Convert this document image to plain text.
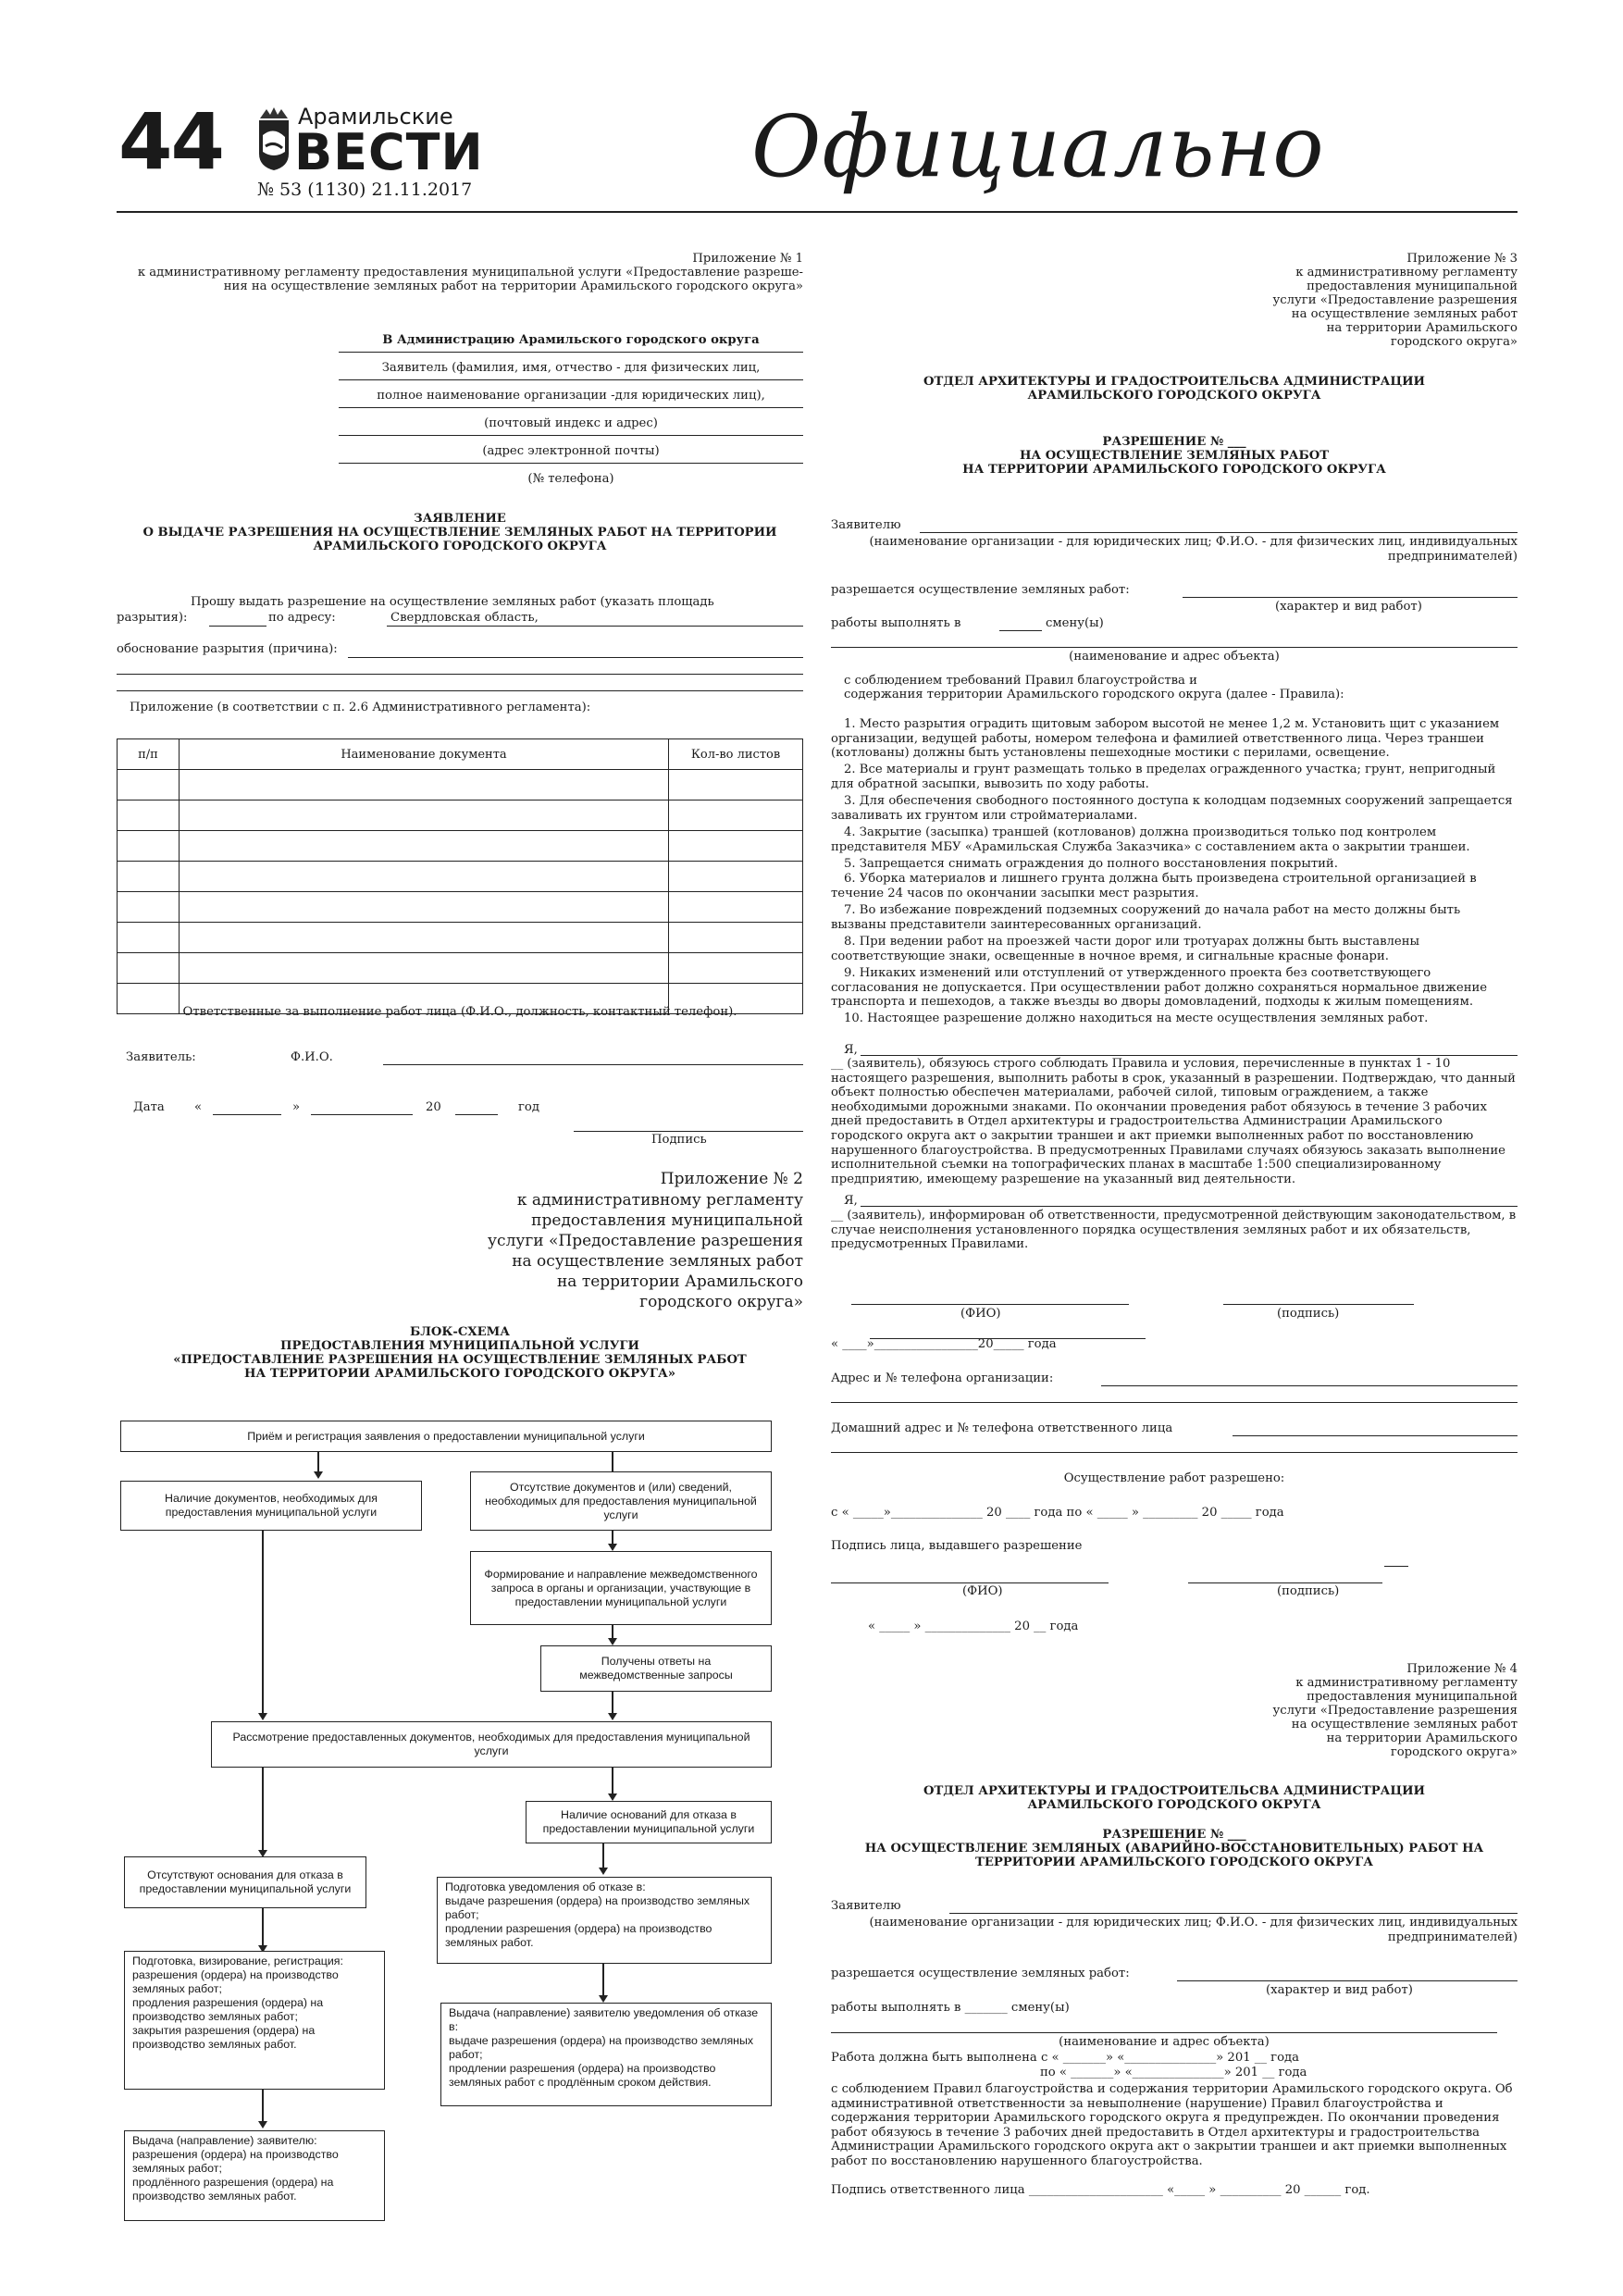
44	Арамильские
ВЕСТИ
№ 53 (1130) 21.11.2017	Официально
Приложение № 1
к административному регламенту предоставления муниципальной услуги «Предоставление разреше-
ния на осуществление земляных работ на территории Арамильского городского округа»
В Администрацию Арамильского городского округа
Заявитель (фамилия, имя, отчество - для физических лиц,
полное наименование организации -для юридических лиц),
(почтовый индекс и адрес)
(адрес электронной почты)
(№ телефона)
ЗАЯВЛЕНИЕ
О ВЫДАЧЕ РАЗРЕШЕНИЯ НА ОСУЩЕСТВЛЕНИЕ ЗЕМЛЯНЫХ РАБОТ НА ТЕРРИТОРИИ
АРАМИЛЬСКОГО ГОРОДСКОГО ОКРУГА
Прошу выдать разрешение на осуществление земляных работ (указать площадь
разрытия):	по адресу:	Свердловская область,
обоснование разрытия (причина):
Приложение (в соответствии с п. 2.6 Административного регламента):
п/п	Наименование документа	Кол-во листов

Ответственные за выполнение работ лица (Ф.И.О., должность, контактный телефон).
Заявитель:	Ф.И.О.
Дата «	»	20	год
Подпись
Приложение № 2
к административному регламенту
предоставления муниципальной
услуги «Предоставление разрешения
на осуществление земляных работ
на территории Арамильского
городского округа»
БЛОК-СХЕМА
ПРЕДОСТАВЛЕНИЯ МУНИЦИПАЛЬНОЙ УСЛУГИ
«ПРЕДОСТАВЛЕНИЕ РАЗРЕШЕНИЯ НА ОСУЩЕСТВЛЕНИЕ ЗЕМЛЯНЫХ РАБОТ
НА ТЕРРИТОРИИ АРАМИЛЬСКОГО ГОРОДСКОГО ОКРУГА»
Приём и регистрация заявления о предоставлении муниципальной услуги
Наличие документов, необходимых для предоставления муниципальной услуги
Отсутствие документов и (или) сведений, необходимых для предоставления муниципальной услуги
Формирование и направление межведомственного запроса в органы и организации, участвующие в предоставлении муниципальной услуги
Получены ответы на межведомственные запросы
Рассмотрение предоставленных документов, необходимых для предоставления муниципальной услуги
Наличие оснований для отказа в предоставлении муниципальной услуги
Отсутствуют основания для отказа в предоставлении муниципальной услуги	Подготовка уведомления об отказе в:
выдаче разрешения (ордера) на производство земляных работ;
продлении разрешения (ордера) на производство земляных работ.
Подготовка, визирование, регистрация:
разрешения (ордера) на производство земляных работ;
продления разрешения (ордера) на производство земляных работ;
закрытия разрешения (ордера) на производство земляных работ.
Выдача (направление) заявителю уведомления об отказе в:
выдаче разрешения (ордера) на производство земляных работ;
продлении разрешения (ордера) на производство земляных работ с продлённым сроком действия.
Выдача (направление) заявителю:
разрешения (ордера) на производство земляных работ;
продлённого разрешения (ордера) на производство земляных работ.
Приложение № 3
к административному регламенту
предоставления муниципальной
услуги «Предоставление разрешения
на осуществление земляных работ
на территории Арамильского
городского округа»
ОТДЕЛ АРХИТЕКТУРЫ И ГРАДОСТРОИТЕЛЬСВА АДМИНИСТРАЦИИ
АРАМИЛЬСКОГО ГОРОДСКОГО ОКРУГА
РАЗРЕШЕНИЕ № ___
НА ОСУЩЕСТВЛЕНИЕ ЗЕМЛЯНЫХ РАБОТ
НА ТЕРРИТОРИИ АРАМИЛЬСКОГО ГОРОДСКОГО ОКРУГА
Заявителю
(наименование организации - для юридических лиц; Ф.И.О. - для физических лиц, индивидуальных
предпринимателей)
разрешается осуществление земляных работ:
(характер и вид работ)
работы выполнять в	смену(ы)
(наименование и адрес объекта)
с соблюдением требований Правил благоустройства и
содержания территории Арамильского городского округа (далее - Правила):
1. Место разрытия оградить щитовым забором высотой не менее 1,2 м. Установить щит с указанием организации, ведущей работы, номером телефона и фамилией ответственного лица. Через траншеи (котлованы) должны быть установлены пешеходные мостики с перилами, освещение.
2. Все материалы и грунт размещать только в пределах огражденного участка; грунт, непригодный для обратной засыпки, вывозить по ходу работы.
3. Для обеспечения свободного постоянного доступа к колодцам подземных сооружений запрещается заваливать их грунтом или стройматериалами.
4. Закрытие (засыпка) траншей (котлованов) должна производиться только под контролем представителя МБУ «Арамильская Служба Заказчика» с составлением акта о закрытии траншеи.
5. Запрещается снимать ограждения до полного восстановления покрытий.
6. Уборка материалов и лишнего грунта должна быть произведена строительной организацией в течение 24 часов по окончании засыпки мест разрытия.
7. Во избежание повреждений подземных сооружений до начала работ на место должны быть вызваны представители заинтересованных организаций.
8. При ведении работ на проезжей части дорог или тротуарах должны быть выставлены соответствующие знаки, освещенные в ночное время, и сигнальные красные фонари.
9. Никаких изменений или отступлений от утвержденного проекта без соответствующего согласования не допускается. При осуществлении работ должно сохраняться нормальное движение транспорта и пешеходов, а также въезды во дворы домовладений, подходы к жилым помещениям.
10. Настоящее разрешение должно находиться на месте осуществления земляных работ.
Я,
__ (заявитель), обязуюсь строго соблюдать Правила и условия, перечисленные в пунктах 1 - 10 настоящего разрешения, выполнить работы в срок, указанный в разрешении. Подтверждаю, что данный объект полностью обеспечен материалами, рабочей силой, типовым ограждением, а также необходимыми дорожными знаками. По окончании проведения работ обязуюсь в течение 3 рабочих дней предоставить в Отдел архитектуры и градостроительства Администрации Арамильского городского округа акт о закрытии траншеи и акт приемки выполненных работ по восстановлению нарушенного благоустройства. В предусмотренных Правилами случаях обязуюсь заказать выполнение исполнительной съемки на топографических планах в масштабе 1:500 специализированному предприятию, имеющему разрешение на указанный вид деятельности.
Я,
__ (заявитель), информирован об ответственности, предусмотренной действующим законодательством, в случае неисполнения установленного порядка осуществления земляных работ и их обязательств, предусмотренных Правилами.
(ФИО)	(подпись)
« ____»_________________20_____ года
Адрес и № телефона организации:
Домашний адрес и № телефона ответственного лица
Осуществление работ разрешено:
с « _____»_______________ 20 ____ года по « _____ » _________ 20 _____ года
Подпись лица, выдавшего разрешение
(ФИО)	(подпись)
« _____ » ______________ 20 __ года
Приложение № 4
к административному регламенту
предоставления муниципальной
услуги «Предоставление разрешения
на осуществление земляных работ
на территории Арамильского
городского округа»
ОТДЕЛ АРХИТЕКТУРЫ И ГРАДОСТРОИТЕЛЬСВА АДМИНИСТРАЦИИ
АРАМИЛЬСКОГО ГОРОДСКОГО ОКРУГА
РАЗРЕШЕНИЕ № ___
НА ОСУЩЕСТВЛЕНИЕ ЗЕМЛЯНЫХ (АВАРИЙНО-ВОССТАНОВИТЕЛЬНЫХ) РАБОТ НА
ТЕРРИТОРИИ АРАМИЛЬСКОГО ГОРОДСКОГО ОКРУГА
Заявителю
(наименование организации - для юридических лиц; Ф.И.О. - для физических лиц, индивидуальных
предпринимателей)
разрешается осуществление земляных работ:
(характер и вид работ)
работы выполнять в _______ смену(ы)
(наименование и адрес объекта)
Работа должна быть выполнена с « _______» «_______________» 201 __ года
по « _______» «_______________» 201 __ года
с соблюдением Правил благоустройства и содержания территории Арамильского городского округа. Об административной ответственности за невыполнение (нарушение) Правил благоустройства и содержания территории Арамильского городского округа я предупрежден. По окончании проведения работ обязуюсь в течение 3 рабочих дней предоставить в Отдел архитектуры и градостроительства Администрации Арамильского городского округа акт о закрытии траншеи и акт приемки выполненных работ по восстановлению нарушенного благоустройства.
Подпись ответственного лица ______________________ «_____ » __________ 20 ______ год.
